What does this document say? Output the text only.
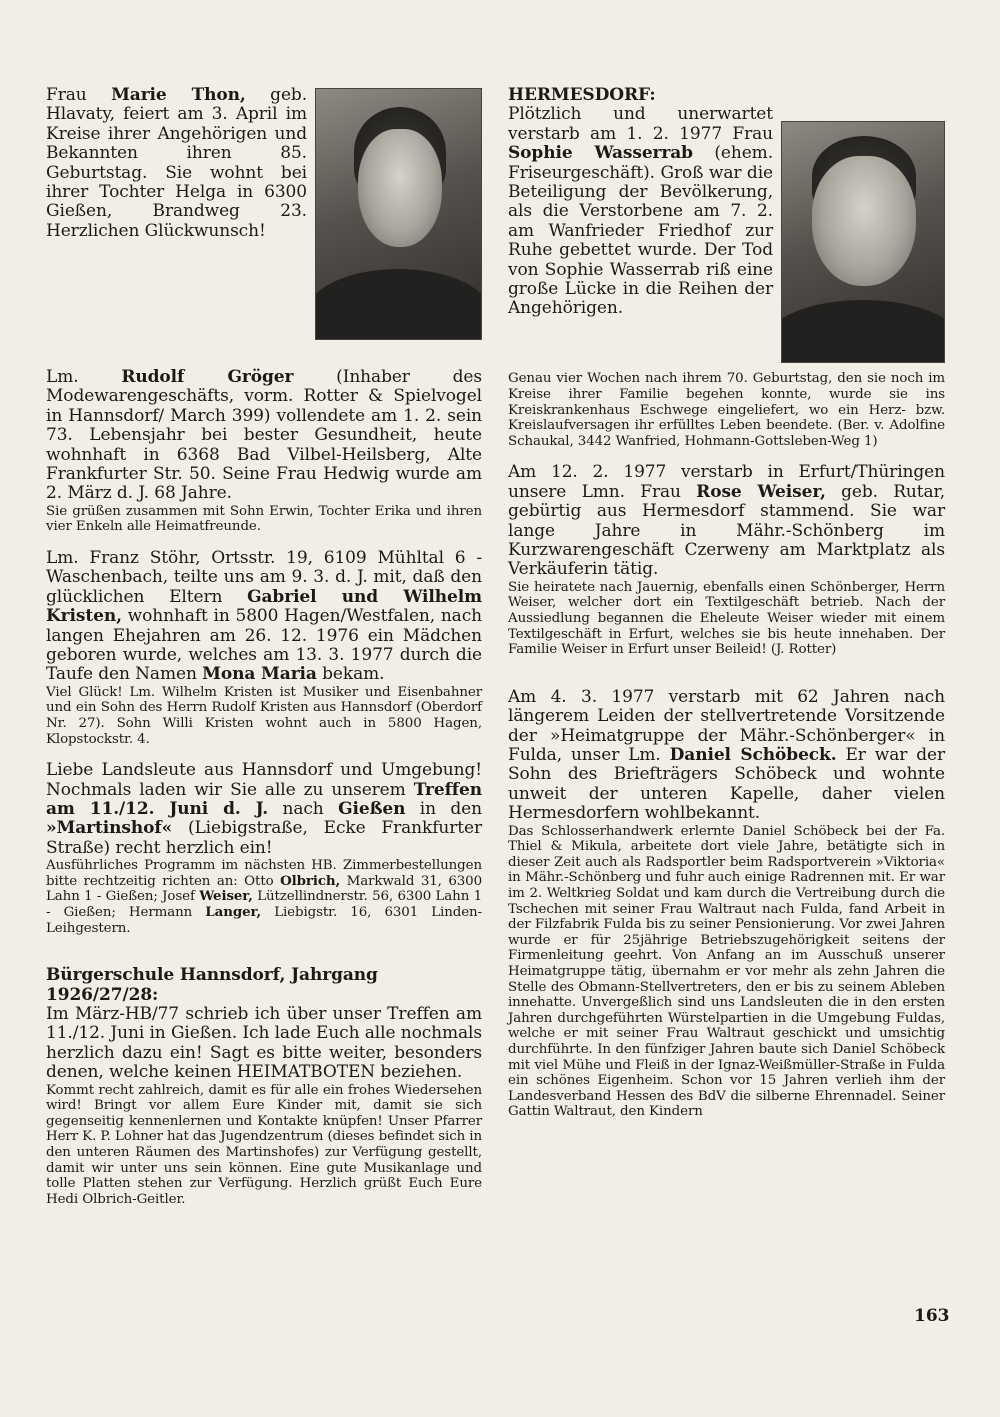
Frau Marie Thon, geb. Hlavaty, feiert am 3. April im Kreise ihrer Angehörigen und Bekannten ihren 85. Geburtstag. Sie wohnt bei ihrer Tochter Helga in 6300 Gießen, Brandweg 23. Herzlichen Glückwunsch!

Lm. Rudolf Gröger (Inhaber des Modewarengeschäfts, vorm. Rotter & Spielvogel in Hannsdorf/ March 399) vollendete am 1. 2. sein 73. Lebensjahr bei bester Gesundheit, heute wohnhaft in 6368 Bad Vilbel-Heilsberg, Alte Frankfurter Str. 50. Seine Frau Hedwig wurde am 2. März d. J. 68 Jahre.

Sie grüßen zusammen mit Sohn Erwin, Tochter Erika und ihren vier Enkeln alle Heimatfreunde.

Lm. Franz Stöhr, Ortsstr. 19, 6109 Mühltal 6 - Waschenbach, teilte uns am 9. 3. d. J. mit, daß den glücklichen Eltern Gabriel und Wilhelm Kristen, wohnhaft in 5800 Hagen/Westfalen, nach langen Ehejahren am 26. 12. 1976 ein Mädchen geboren wurde, welches am 13. 3. 1977 durch die Taufe den Namen Mona Maria bekam.

Viel Glück! Lm. Wilhelm Kristen ist Musiker und Eisenbahner und ein Sohn des Herrn Rudolf Kristen aus Hannsdorf (Oberdorf Nr. 27). Sohn Willi Kristen wohnt auch in 5800 Hagen, Klopstockstr. 4.

Liebe Landsleute aus Hannsdorf und Umgebung! Nochmals laden wir Sie alle zu unserem Treffen am 11./12. Juni d. J. nach Gießen in den »Martinshof« (Liebigstraße, Ecke Frankfurter Straße) recht herzlich ein!

Ausführliches Programm im nächsten HB. Zimmerbestellungen bitte rechtzeitig richten an: Otto Olbrich, Markwald 31, 6300 Lahn 1 - Gießen; Josef Weiser, Lützellindnerstr. 56, 6300 Lahn 1 - Gießen; Hermann Langer, Liebigstr. 16, 6301 Linden-Leihgestern.

Bürgerschule Hannsdorf, Jahrgang 1926/27/28:

Im März-HB/77 schrieb ich über unser Treffen am 11./12. Juni in Gießen. Ich lade Euch alle nochmals herzlich dazu ein! Sagt es bitte weiter, besonders denen, welche keinen HEIMATBOTEN beziehen.

Kommt recht zahlreich, damit es für alle ein frohes Wiedersehen wird! Bringt vor allem Eure Kinder mit, damit sie sich gegenseitig kennenlernen und Kontakte knüpfen! Unser Pfarrer Herr K. P. Lohner hat das Jugendzentrum (dieses befindet sich in den unteren Räumen des Martinshofes) zur Verfügung gestellt, damit wir unter uns sein können. Eine gute Musikanlage und tolle Platten stehen zur Verfügung. Herzlich grüßt Euch Eure Hedi Olbrich-Geitler.

HERMESDORF:

Plötzlich und unerwartet verstarb am 1. 2. 1977 Frau Sophie Wasserrab (ehem. Friseurgeschäft). Groß war die Beteiligung der Bevölkerung, als die Verstorbene am 7. 2. am Wanfrieder Friedhof zur Ruhe gebettet wurde. Der Tod von Sophie Wasserrab riß eine große Lücke in die Reihen der Angehörigen.

Genau vier Wochen nach ihrem 70. Geburtstag, den sie noch im Kreise ihrer Familie begehen konnte, wurde sie ins Kreiskrankenhaus Eschwege eingeliefert, wo ein Herz- bzw. Kreislaufversagen ihr erfülltes Leben beendete. (Ber. v. Adolfine Schaukal, 3442 Wanfried, Hohmann-Gottsleben-Weg 1)

Am 12. 2. 1977 verstarb in Erfurt/Thüringen unsere Lmn. Frau Rose Weiser, geb. Rutar, gebürtig aus Hermesdorf stammend. Sie war lange Jahre in Mähr.-Schönberg im Kurzwarengeschäft Czerweny am Marktplatz als Verkäuferin tätig.

Sie heiratete nach Jauernig, ebenfalls einen Schönberger, Herrn Weiser, welcher dort ein Textilgeschäft betrieb. Nach der Aussiedlung begannen die Eheleute Weiser wieder mit einem Textilgeschäft in Erfurt, welches sie bis heute innehaben. Der Familie Weiser in Erfurt unser Beileid! (J. Rotter)

Am 4. 3. 1977 verstarb mit 62 Jahren nach längerem Leiden der stellvertretende Vorsitzende der »Heimatgruppe der Mähr.-Schönberger« in Fulda, unser Lm. Daniel Schöbeck. Er war der Sohn des Briefträgers Schöbeck und wohnte unweit der unteren Kapelle, daher vielen Hermesdorfern wohlbekannt.

Das Schlosserhandwerk erlernte Daniel Schöbeck bei der Fa. Thiel & Mikula, arbeitete dort viele Jahre, betätigte sich in dieser Zeit auch als Radsportler beim Radsportverein »Viktoria« in Mähr.-Schönberg und fuhr auch einige Radrennen mit. Er war im 2. Weltkrieg Soldat und kam durch die Vertreibung durch die Tschechen mit seiner Frau Waltraut nach Fulda, fand Arbeit in der Filzfabrik Fulda bis zu seiner Pensionierung. Vor zwei Jahren wurde er für 25jährige Betriebszugehörigkeit seitens der Firmenleitung geehrt. Von Anfang an im Ausschuß unserer Heimatgruppe tätig, übernahm er vor mehr als zehn Jahren die Stelle des Obmann-Stellvertreters, den er bis zu seinem Ableben innehatte. Unvergeßlich sind uns Landsleuten die in den ersten Jahren durchgeführten Würstelpartien in die Umgebung Fuldas, welche er mit seiner Frau Waltraut geschickt und umsichtig durchführte. In den fünfziger Jahren baute sich Daniel Schöbeck mit viel Mühe und Fleiß in der Ignaz-Weißmüller-Straße in Fulda ein schönes Eigenheim. Schon vor 15 Jahren verlieh ihm der Landesverband Hessen des BdV die silberne Ehrennadel. Seiner Gattin Waltraut, den Kindern

163
